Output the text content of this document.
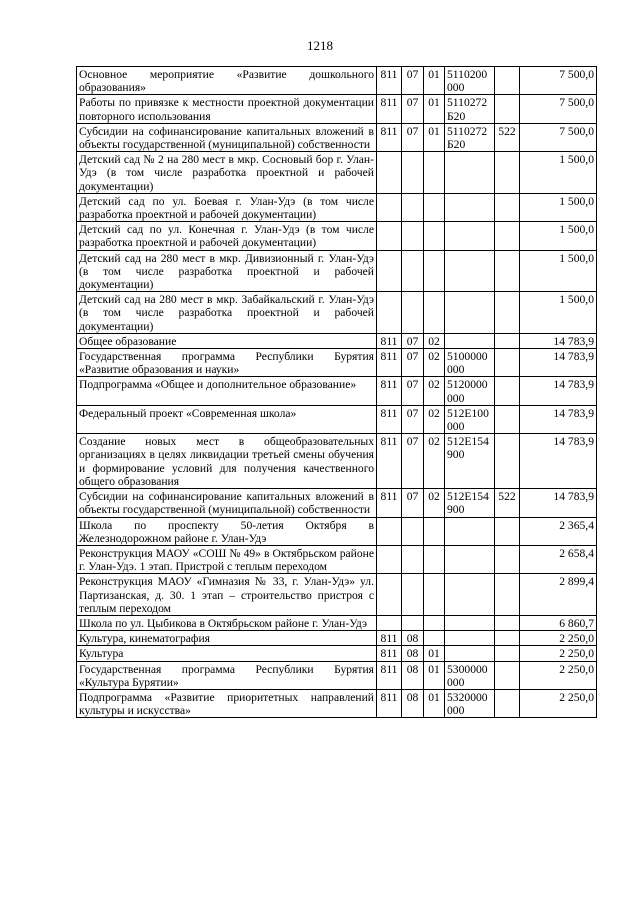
1218
Основное мероприятие «Развитие дошкольного образования»	811	07	01	5110200 000		7 500,0
Работы по привязке к местности проектной документации повторного использования	811	07	01	5110272 Б20		7 500,0
Субсидии на софинансирование капитальных вложений в объекты государственной (муниципальной) собственности	811	07	01	5110272 Б20	522	7 500,0
Детский сад № 2 на 280 мест в мкр. Сосновый бор г. Улан-Удэ (в том числе разработка проектной и рабочей документации)						1 500,0
Детский сад по ул. Боевая г. Улан-Удэ (в том числе разработка проектной и рабочей документации)						1 500,0
Детский сад по ул. Конечная г. Улан-Удэ (в том числе разработка проектной и рабочей документации)						1 500,0
Детский сад на 280 мест в мкр. Дивизионный г. Улан-Удэ (в том числе разработка проектной и рабочей документации)						1 500,0
Детский сад на 280 мест в мкр. Забайкальский г. Улан-Удэ (в том числе разработка проектной и рабочей документации)						1 500,0
Общее образование	811	07	02			14 783,9
Государственная программа Республики Бурятия «Развитие образования и науки»	811	07	02	5100000 000		14 783,9
Подпрограмма «Общее и дополнительное образование»	811	07	02	5120000 000		14 783,9
Федеральный проект «Современная школа»	811	07	02	512E100 000		14 783,9
Создание новых мест в общеобразовательных организациях в целях ликвидации третьей смены обучения и формирование условий для получения качественного общего образования	811	07	02	512E154 900		14 783,9
Субсидии на софинансирование капитальных вложений в объекты государственной (муниципальной) собственности	811	07	02	512E154 900	522	14 783,9
Школа по проспекту 50-летия Октября в Железнодорожном районе г. Улан-Удэ						2 365,4
Реконструкция МАОУ «СОШ № 49» в Октябрьском районе г. Улан-Удэ. 1 этап. Пристрой с теплым переходом						2 658,4
Реконструкция МАОУ «Гимназия № 33, г. Улан-Удэ» ул. Партизанская, д. 30. 1 этап – строительство пристроя с теплым переходом						2 899,4
Школа по ул. Цыбикова в Октябрьском районе г. Улан-Удэ						6 860,7
Культура, кинематография	811	08				2 250,0
Культура	811	08	01			2 250,0
Государственная программа Республики Бурятия «Культура Бурятии»	811	08	01	5300000 000		2 250,0
Подпрограмма «Развитие приоритетных направлений культуры и искусства»	811	08	01	5320000 000		2 250,0
